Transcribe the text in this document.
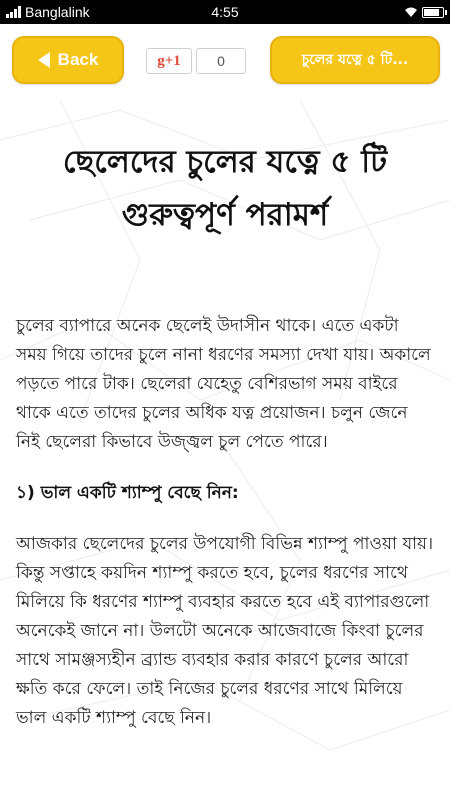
Banglalink	4:55
Back	g+1	0	চুলের যত্নে ৫ টি...
ছেলেদের চুলের যত্নে ৫ টি গুরুত্বপূর্ণ পরামর্শ

চুলের ব্যাপারে অনেক ছেলেই উদাসীন থাকে। এতে একটা সময় গিয়ে তাদের চুলে নানা ধরণের সমস্যা দেখা যায়। অকালে পড়তে পারে টাক। ছেলেরা যেহেতু বেশিরভাগ সময় বাইরে থাকে এতে তাদের চুলের অধিক যত্ন প্রয়োজন। চলুন জেনে নিই ছেলেরা কিভাবে উজ্জ্বল চুল পেতে পারে।

১) ভাল একটি শ্যাম্পু বেছে নিন:

আজকার ছেলেদের চুলের উপযোগী বিভিন্ন শ্যাম্পু পাওয়া যায়। কিন্তু সপ্তাহে কয়দিন শ্যাম্পু করতে হবে, চুলের ধরণের সাথে মিলিয়ে কি ধরণের শ্যাম্পু ব্যবহার করতে হবে এই ব্যাপারগুলো অনেকেই জানে না। উলটো অনেকে আজেবাজে কিংবা চুলের সাথে সামঞ্জস্যহীন ব্র্যান্ড ব্যবহার করার কারণে চুলের আরো ক্ষতি করে ফেলে। তাই নিজের চুলের ধরণের সাথে মিলিয়ে ভাল একটি শ্যাম্পু বেছে নিন।
